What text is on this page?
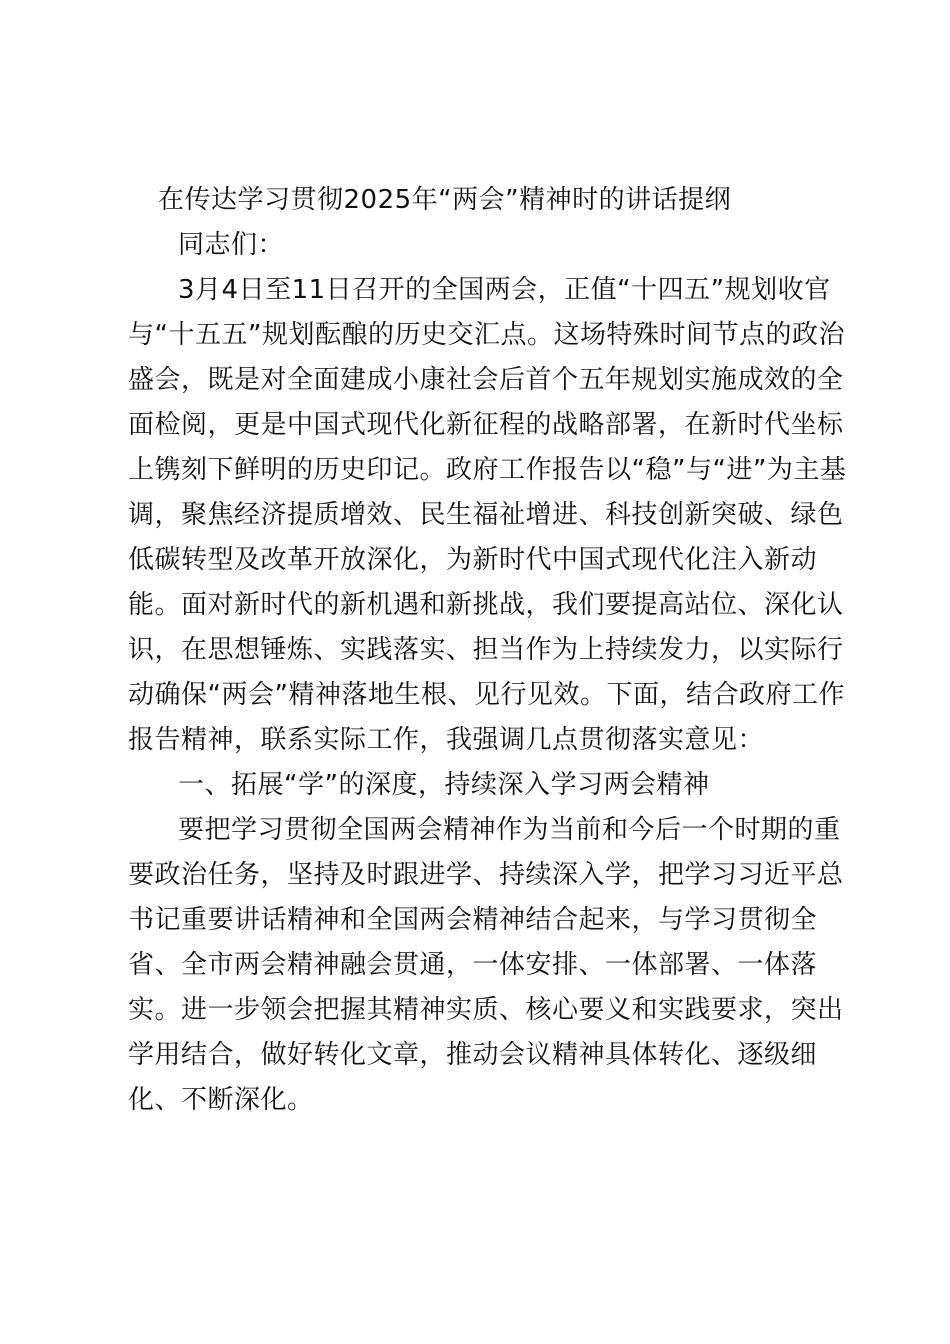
在传达学习贯彻2025年“两会”精神时的讲话提纲
同志们：
3月4日至11日召开的全国两会，正值“十四五”规划收官
与“十五五”规划酝酿的历史交汇点。这场特殊时间节点的政治
盛会，既是对全面建成小康社会后首个五年规划实施成效的全
面检阅，更是中国式现代化新征程的战略部署，在新时代坐标
上镌刻下鲜明的历史印记。政府工作报告以“稳”与“进”为主基
调，聚焦经济提质增效、民生福祉增进、科技创新突破、绿色
低碳转型及改革开放深化，为新时代中国式现代化注入新动
能。面对新时代的新机遇和新挑战，我们要提高站位、深化认
识，在思想锤炼、实践落实、担当作为上持续发力，以实际行
动确保“两会”精神落地生根、见行见效。下面，结合政府工作
报告精神，联系实际工作，我强调几点贯彻落实意见：
一、拓展“学”的深度，持续深入学习两会精神
要把学习贯彻全国两会精神作为当前和今后一个时期的重
要政治任务，坚持及时跟进学、持续深入学，把学习习近平总
书记重要讲话精神和全国两会精神结合起来，与学习贯彻全
省、全市两会精神融会贯通，一体安排、一体部署、一体落
实。进一步领会把握其精神实质、核心要义和实践要求，突出
学用结合，做好转化文章，推动会议精神具体转化、逐级细
化、不断深化。
